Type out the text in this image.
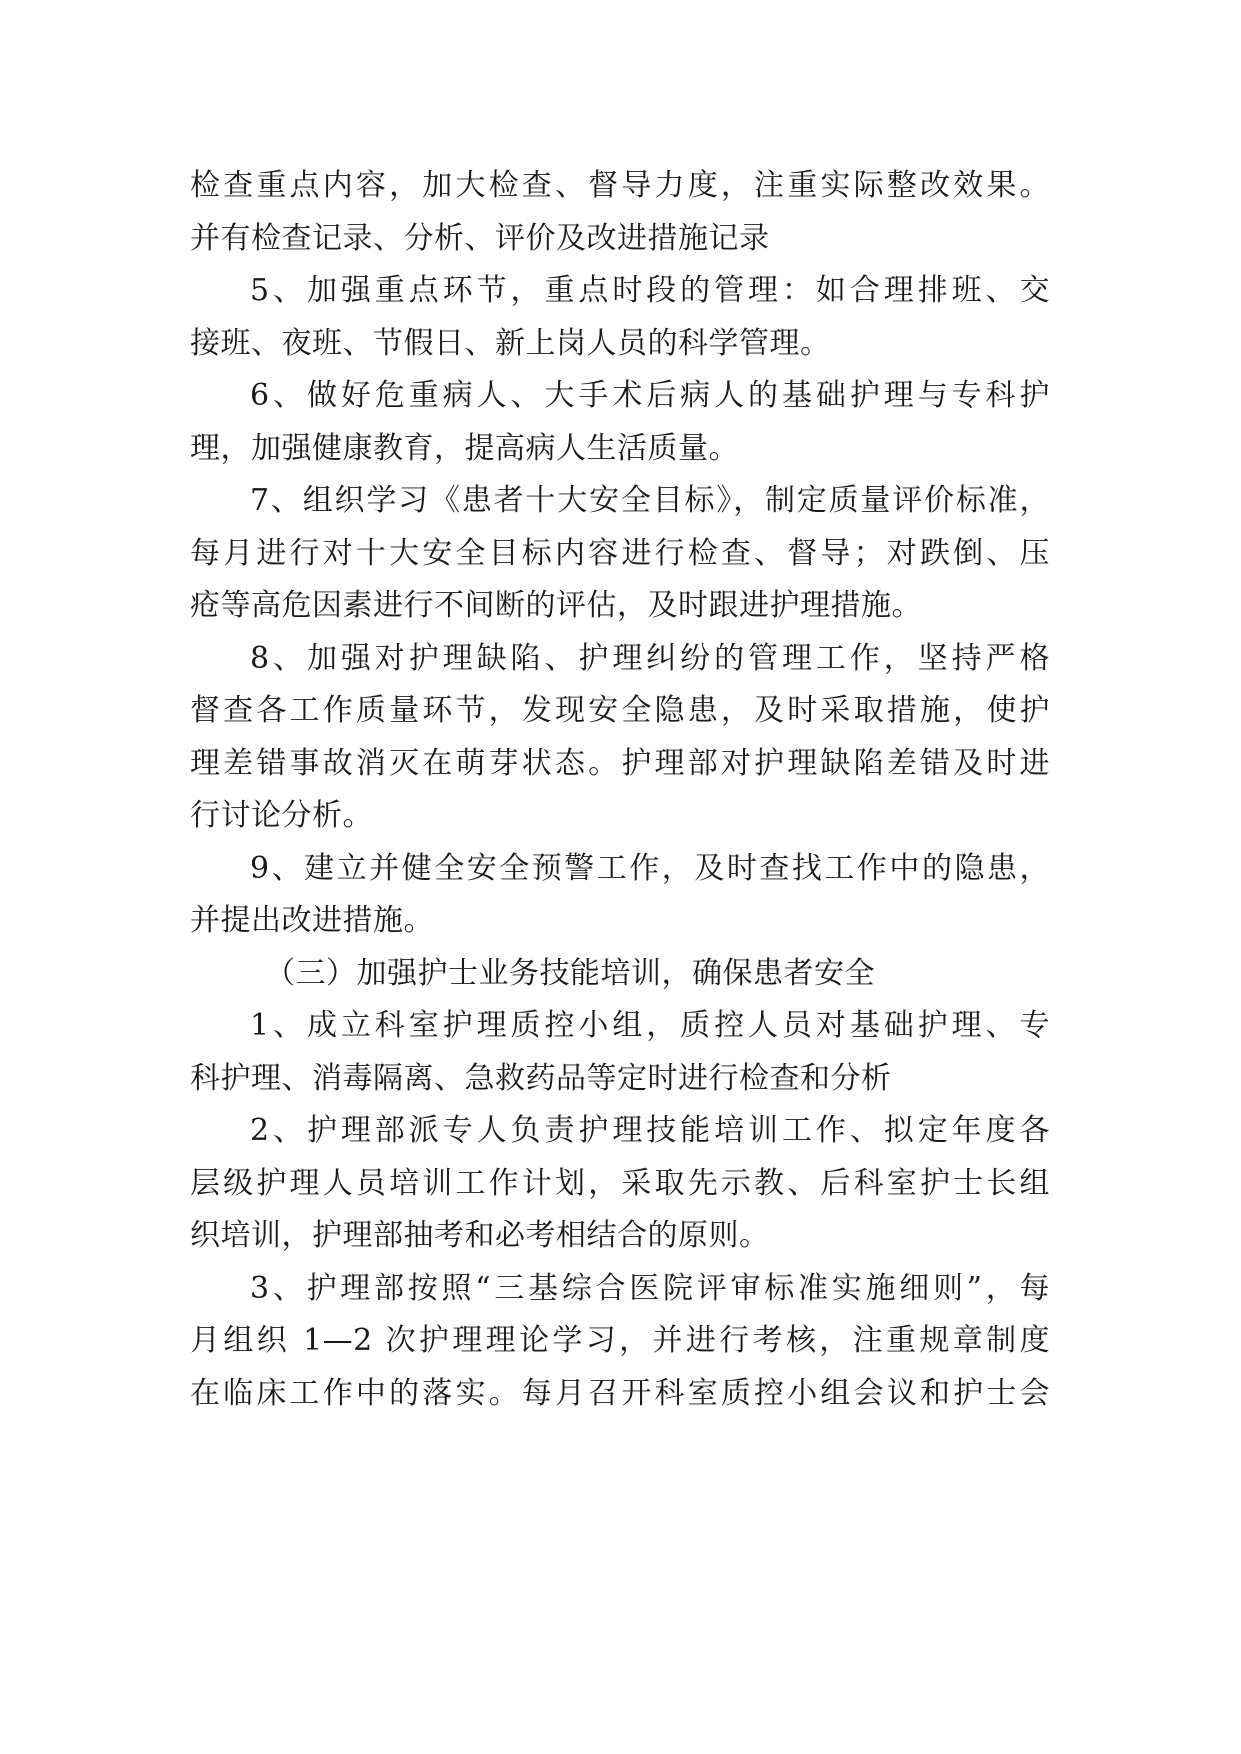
检查重点内容，加大检查、督导力度，注重实际整改效果。
并有检查记录、分析、评价及改进措施记录
5、加强重点环节，重点时段的管理：如合理排班、交
接班、夜班、节假日、新上岗人员的科学管理。
6、做好危重病人、大手术后病人的基础护理与专科护
理，加强健康教育，提高病人生活质量。
7、组织学习《患者十大安全目标》，制定质量评价标准，
每月进行对十大安全目标内容进行检查、督导；对跌倒、压
疮等高危因素进行不间断的评估，及时跟进护理措施。
8、加强对护理缺陷、护理纠纷的管理工作，坚持严格
督查各工作质量环节，发现安全隐患，及时采取措施，使护
理差错事故消灭在萌芽状态。护理部对护理缺陷差错及时进
行讨论分析。
9、建立并健全安全预警工作，及时查找工作中的隐患，
并提出改进措施。
（三）加强护士业务技能培训，确保患者安全
1、成立科室护理质控小组，质控人员对基础护理、专
科护理、消毒隔离、急救药品等定时进行检查和分析
2、护理部派专人负责护理技能培训工作、拟定年度各
层级护理人员培训工作计划，采取先示教、后科室护士长组
织培训，护理部抽考和必考相结合的原则。
3、护理部按照“三基综合医院评审标准实施细则”，每
月组织 1—2 次护理理论学习，并进行考核，注重规章制度
在临床工作中的落实。每月召开科室质控小组会议和护士会
